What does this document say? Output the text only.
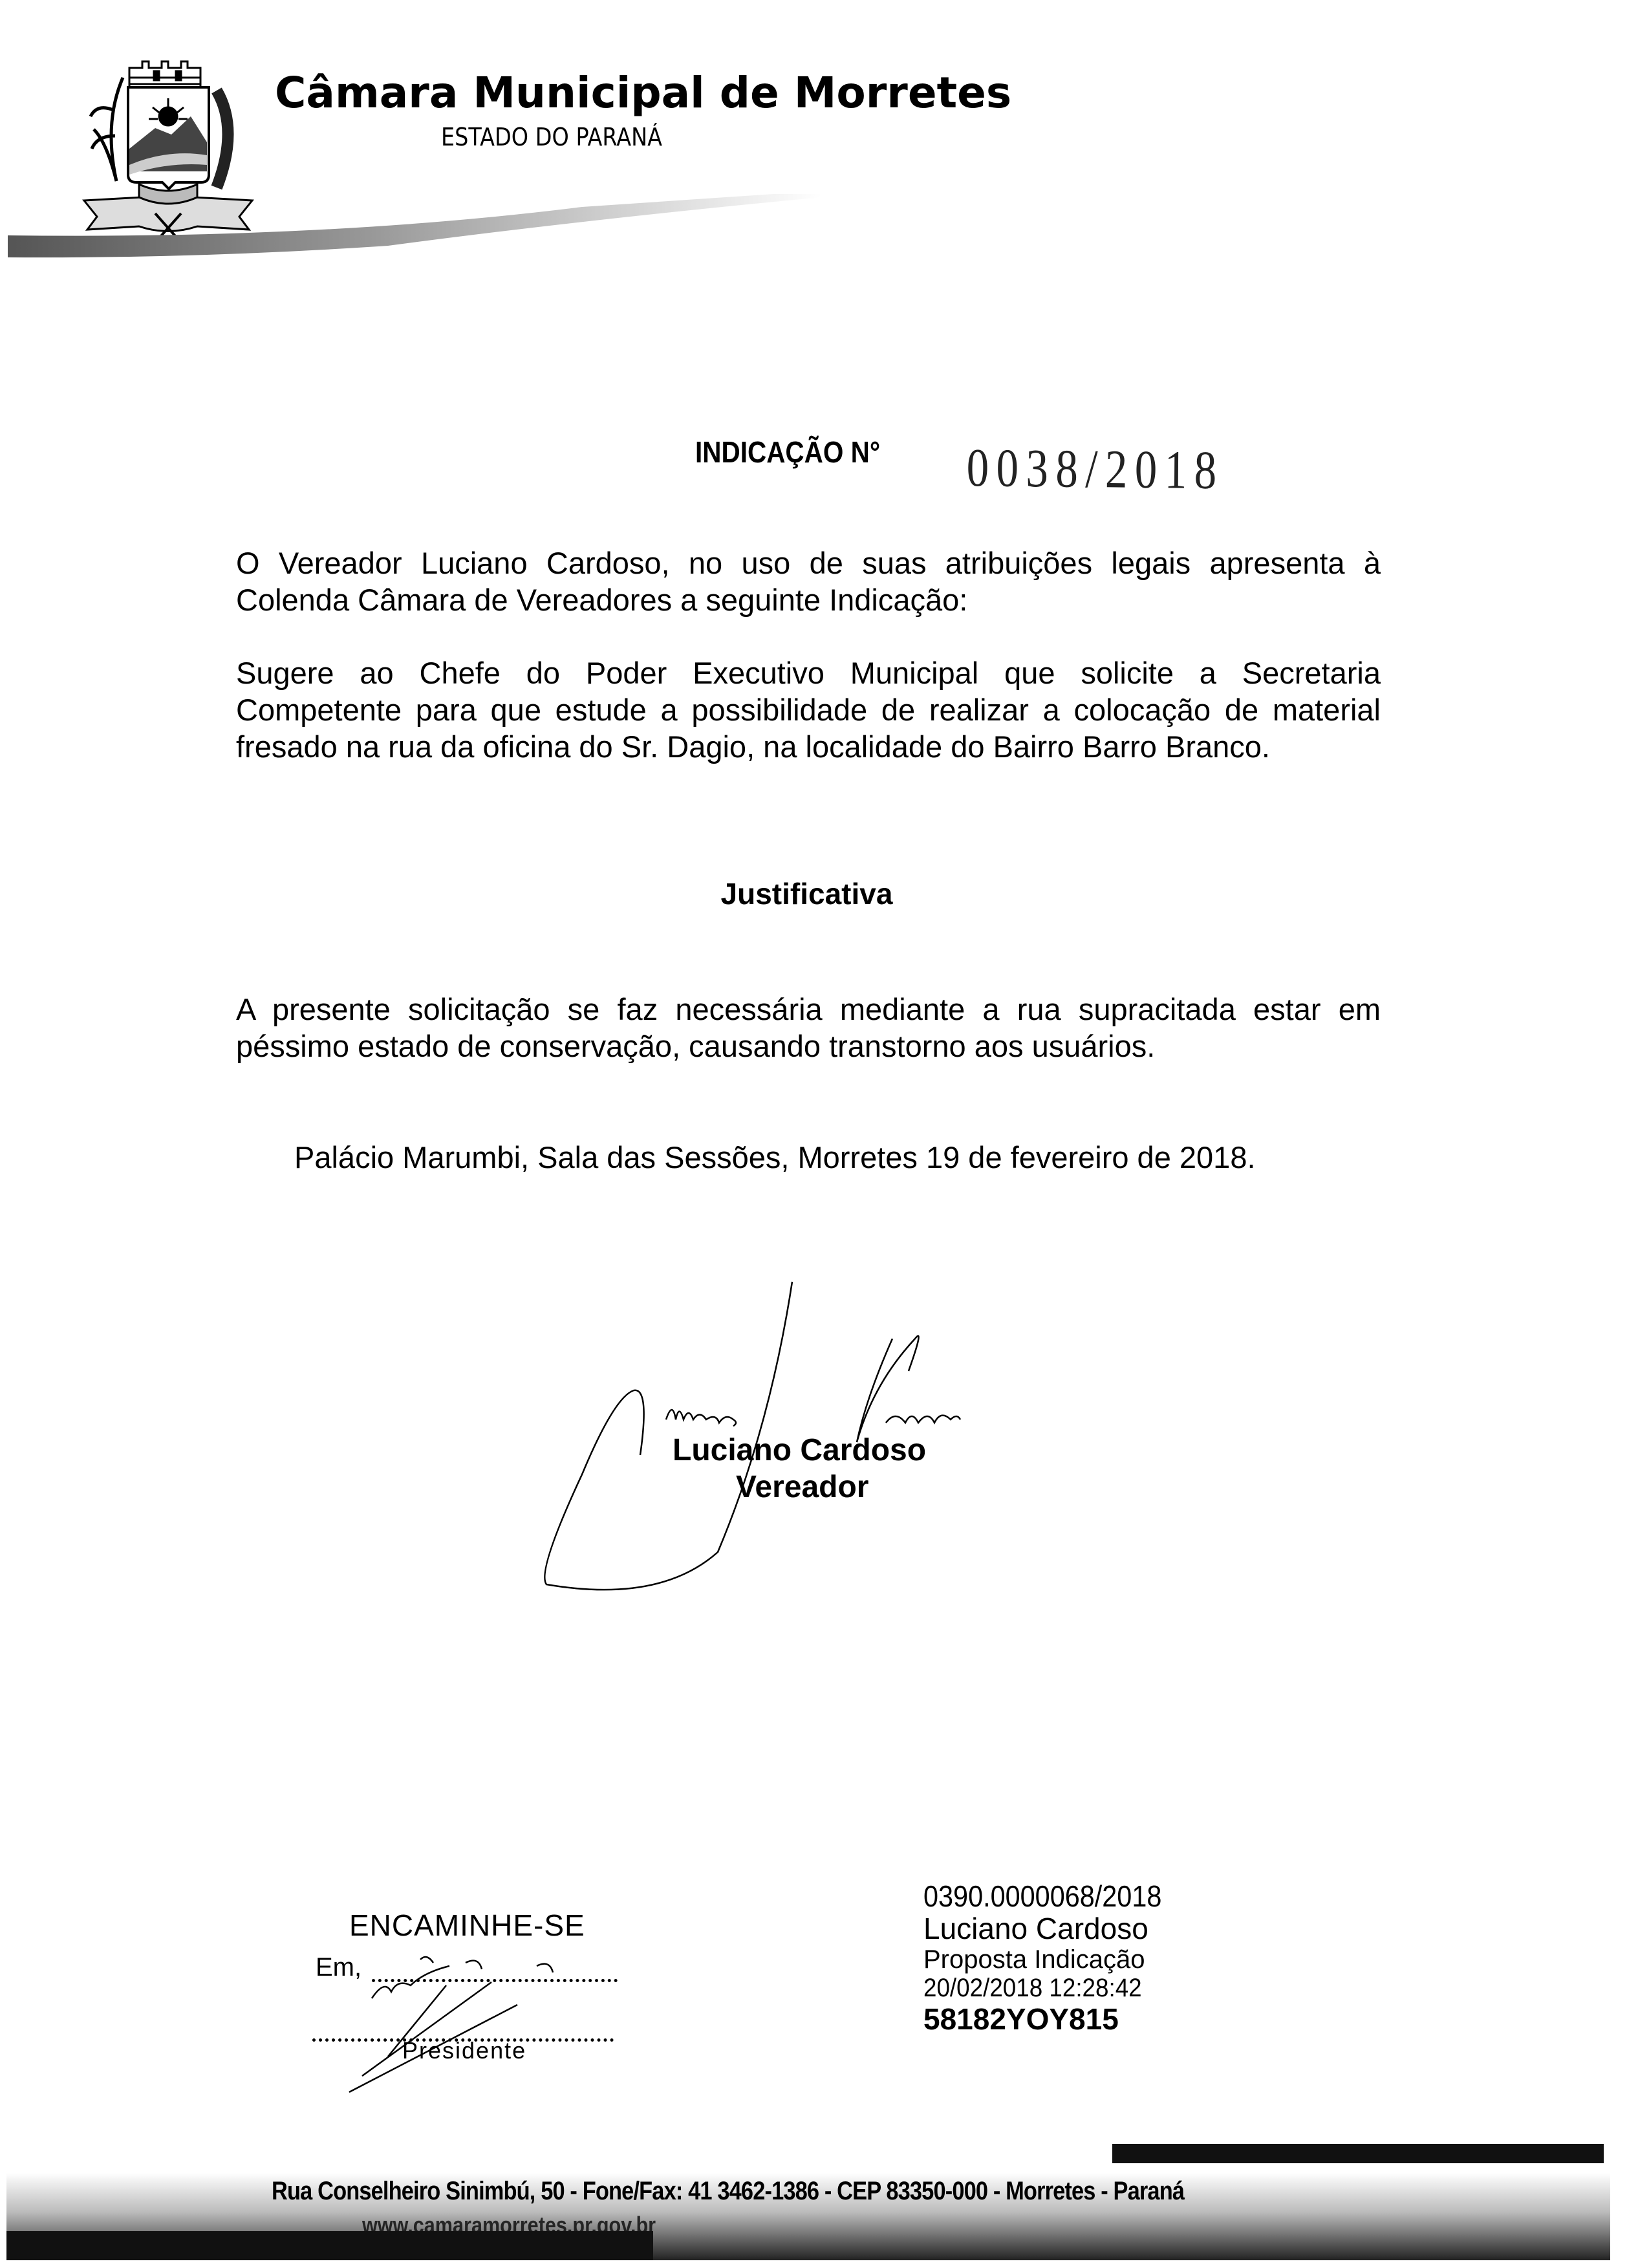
Câmara Municipal de Morretes
ESTADO DO PARANÁ
INDICAÇÃO N° 0038/2018
O Vereador Luciano Cardoso, no uso de suas atribuições legais apresenta à Colenda Câmara de Vereadores a seguinte Indicação:
Sugere ao Chefe do Poder Executivo Municipal que solicite a Secretaria Competente para que estude a possibilidade de realizar a colocação de material fresado na rua da oficina do Sr. Dagio, na localidade do Bairro Barro Branco.
Justificativa
A presente solicitação se faz necessária mediante a rua supracitada estar em péssimo estado de conservação, causando transtorno aos usuários.
Palácio Marumbi, Sala das Sessões, Morretes 19 de fevereiro de 2018.
Luciano Cardoso
Vereador
ENCAMINHE-SE
Em,
Presidente
0390.0000068/2018
Luciano Cardoso
Proposta Indicação
20/02/2018 12:28:42
58182YOY815
Rua Conselheiro Sinimbú, 50 - Fone/Fax: 41 3462-1386 - CEP 83350-000 - Morretes - Paraná
www.camaramorretes.pr.gov.br
